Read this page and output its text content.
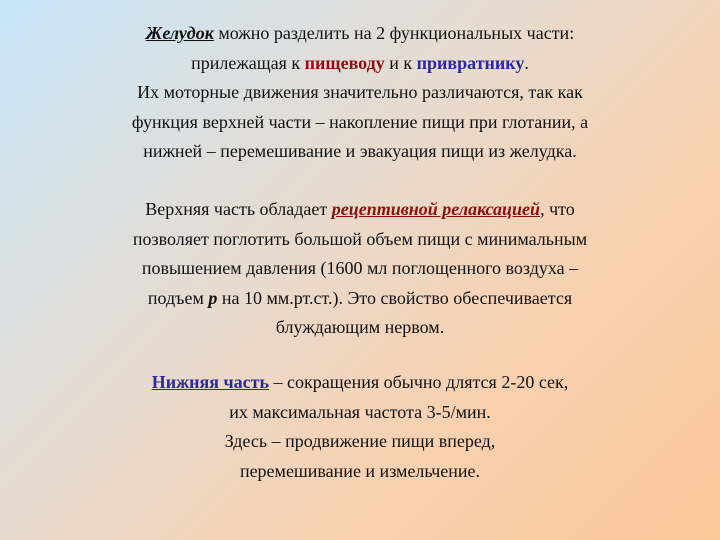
Желудок можно разделить на 2 функциональных части:
прилежащая к пищеводу и к привратнику.
Их моторные движения значительно различаются, так как
функция верхней части – накопление пищи при глотании, а
нижней – перемешивание и эвакуация пищи из желудка.
Верхняя часть обладает рецептивной релаксацией, что
позволяет поглотить большой объем пищи с минимальным
повышением давления (1600 мл поглощенного воздуха –
подъем р на 10 мм.рт.ст.). Это свойство обеспечивается
блуждающим нервом.
Нижняя часть – сокращения обычно длятся 2-20 сек,
их максимальная частота 3-5/мин.
Здесь – продвижение пищи вперед,
перемешивание и измельчение.
